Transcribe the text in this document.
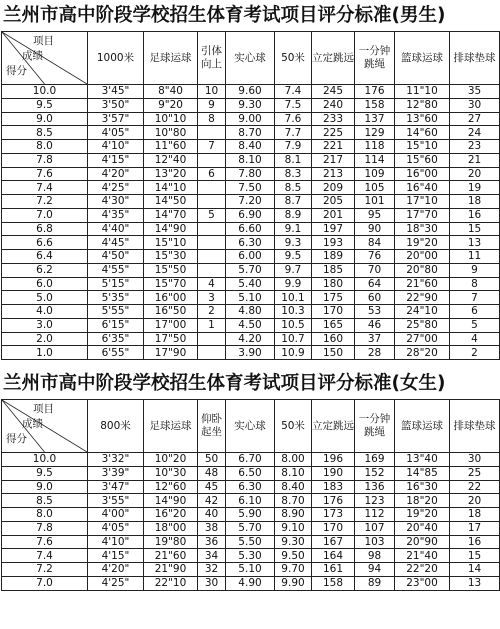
兰州市高中阶段学校招生体育考试项目评分标准(男生)
项目
成绩
得分	1000米	足球运球	引体向上	实心球	50米	立定跳远	一分钟跳绳	篮球运球	排球垫球
10.0	3'45"	8"40	10	9.60	7.4	245	176	11"10	35
9.5	3'50"	9"20	9	9.30	7.5	240	158	12"80	30
9.0	3'57"	10"10	8	9.00	7.6	233	137	13"60	27
8.5	4'05"	10"80		8.70	7.7	225	129	14"60	24
8.0	4'10"	11"60	7	8.40	7.9	221	118	15"10	23
7.8	4'15"	12"40		8.10	8.1	217	114	15"60	21
7.6	4'20"	13"20	6	7.80	8.3	213	109	16"00	20
7.4	4'25"	14"10		7.50	8.5	209	105	16"40	19
7.2	4'30"	14"50		7.20	8.7	205	101	17"10	18
7.0	4'35"	14"70	5	6.90	8.9	201	95	17"70	16
6.8	4'40"	14"90		6.60	9.1	197	90	18"30	15
6.6	4'45"	15"10		6.30	9.3	193	84	19"20	13
6.4	4'50"	15"30		6.00	9.5	189	76	20"00	11
6.2	4'55"	15"50		5.70	9.7	185	70	20"80	9
6.0	5'15"	15"70	4	5.40	9.9	180	64	21"60	8
5.0	5'35"	16"00	3	5.10	10.1	175	60	22"90	7
4.0	5'55"	16"50	2	4.80	10.3	170	53	24"10	6
3.0	6'15"	17"00	1	4.50	10.5	165	46	25"80	5
2.0	6'35"	17"50		4.20	10.7	160	37	27"00	4
1.0	6'55"	17"90		3.90	10.9	150	28	28"20	2
兰州市高中阶段学校招生体育考试项目评分标准(女生)
项目
成绩
得分	800米	足球运球	仰卧起坐	实心球	50米	立定跳远	一分钟跳绳	篮球运球	排球垫球
10.0	3'32"	10"20	50	6.70	8.00	196	169	13"40	30
9.5	3'39"	10"30	48	6.50	8.10	190	152	14"85	25
9.0	3'47"	12"60	45	6.30	8.40	183	136	16"30	22
8.5	3'55"	14"90	42	6.10	8.70	176	123	18"20	20
8.0	4'00"	16"20	40	5.90	8.90	173	112	19"20	18
7.8	4'05"	18"00	38	5.70	9.10	170	107	20"40	17
7.6	4'10"	19"80	36	5.50	9.30	167	103	20"90	16
7.4	4'15"	21"60	34	5.30	9.50	164	98	21"40	15
7.2	4'20"	21"90	32	5.10	9.70	161	94	22"20	14
7.0	4'25"	22"10	30	4.90	9.90	158	89	23"00	13
